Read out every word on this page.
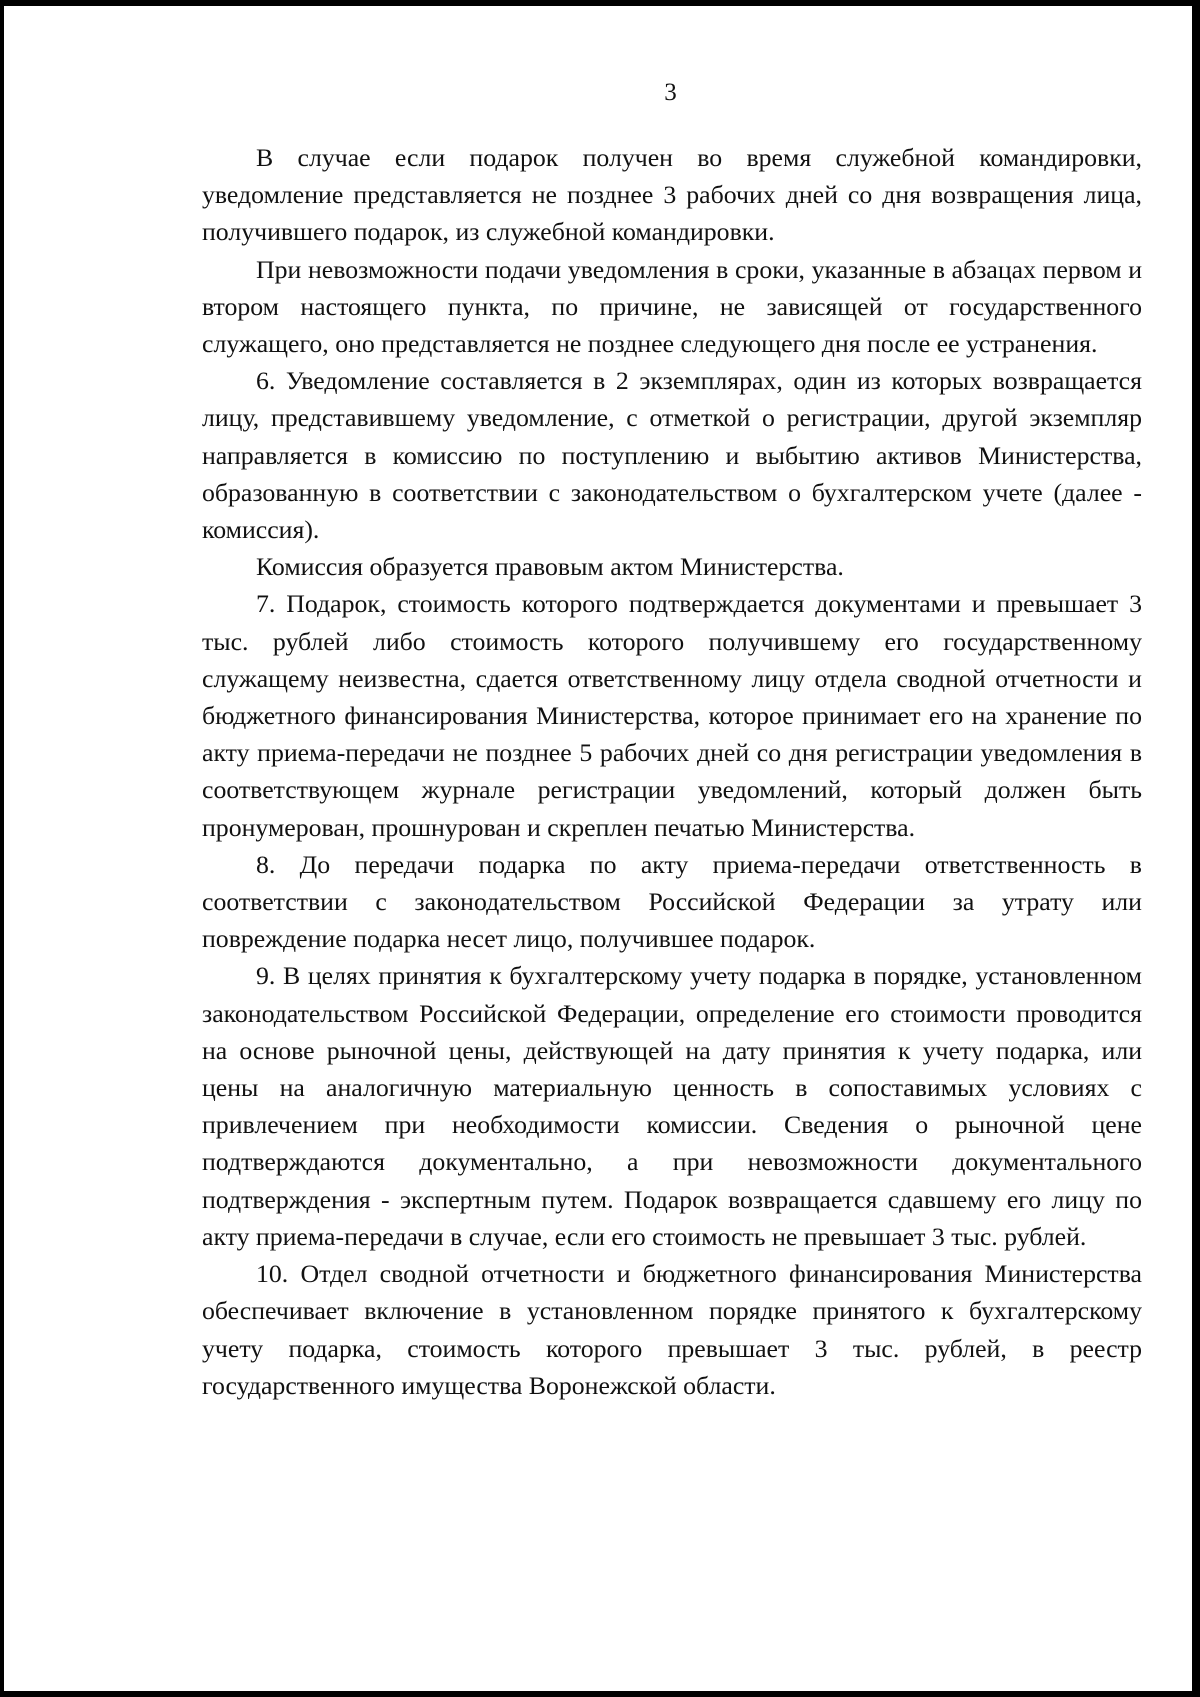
3

В случае если подарок получен во время служебной командировки, уведомление представляется не позднее 3 рабочих дней со дня возвращения лица, получившего подарок, из служебной командировки.

При невозможности подачи уведомления в сроки, указанные в абзацах первом и втором настоящего пункта, по причине, не зависящей от государственного служащего, оно представляется не позднее следующего дня после ее устранения.

6. Уведомление составляется в 2 экземплярах, один из которых возвращается лицу, представившему уведомление, с отметкой о регистрации, другой экземпляр направляется в комиссию по поступлению и выбытию активов Министерства, образованную в соответствии с законодательством о бухгалтерском учете (далее - комиссия).

Комиссия образуется правовым актом Министерства.

7. Подарок, стоимость которого подтверждается документами и превышает 3 тыс. рублей либо стоимость которого получившему его государственному служащему неизвестна, сдается ответственному лицу отдела сводной отчетности и бюджетного финансирования Министерства, которое принимает его на хранение по акту приема-передачи не позднее 5 рабочих дней со дня регистрации уведомления в соответствующем журнале регистрации уведомлений, который должен быть пронумерован, прошнурован и скреплен печатью Министерства.

8. До передачи подарка по акту приема-передачи ответственность в соответствии с законодательством Российской Федерации за утрату или повреждение подарка несет лицо, получившее подарок.

9. В целях принятия к бухгалтерскому учету подарка в порядке, установленном законодательством Российской Федерации, определение его стоимости проводится на основе рыночной цены, действующей на дату принятия к учету подарка, или цены на аналогичную материальную ценность в сопоставимых условиях с привлечением при необходимости комиссии. Сведения о рыночной цене подтверждаются документально, а при невозможности документального подтверждения - экспертным путем. Подарок возвращается сдавшему его лицу по акту приема-передачи в случае, если его стоимость не превышает 3 тыс. рублей.

10. Отдел сводной отчетности и бюджетного финансирования Министерства обеспечивает включение в установленном порядке принятого к бухгалтерскому учету подарка, стоимость которого превышает 3 тыс. рублей, в реестр государственного имущества Воронежской области.
